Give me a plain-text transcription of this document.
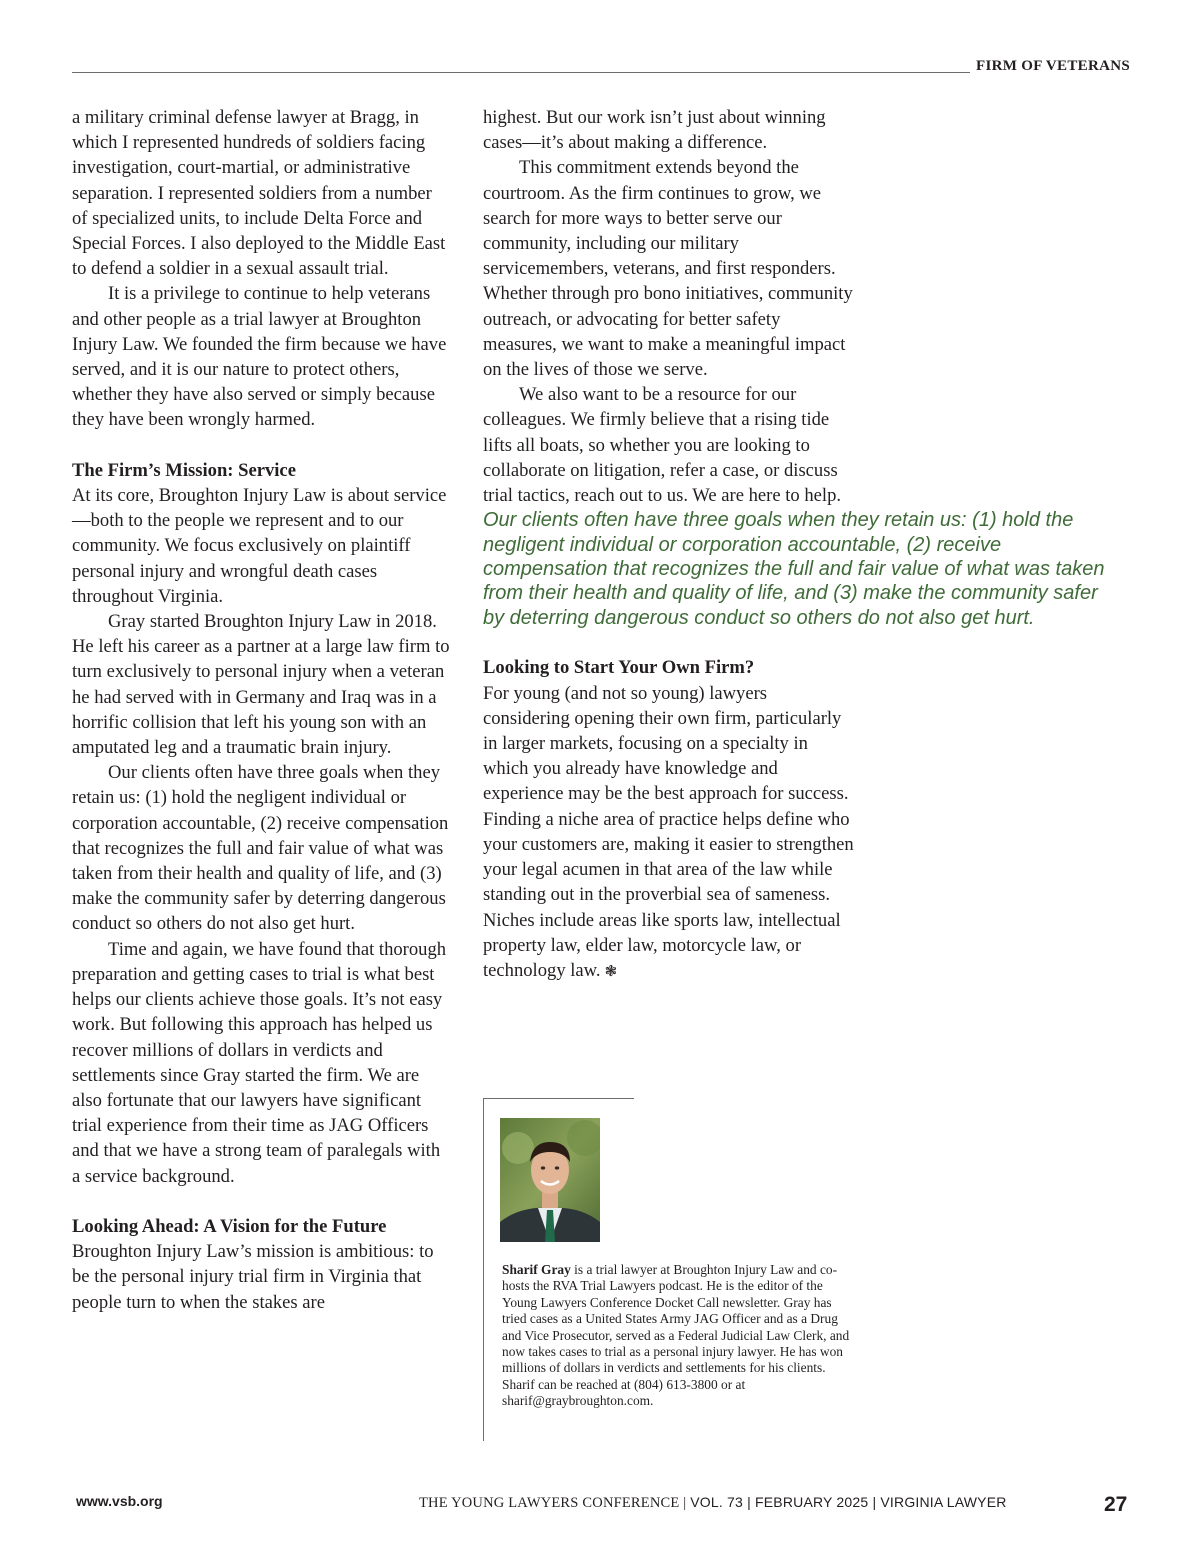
FIRM OF VETERANS

a military criminal defense lawyer at Bragg, in which I represented hundreds of soldiers facing investigation, court-martial, or administrative separation. I represented soldiers from a number of specialized units, to include Delta Force and Special Forces. I also deployed to the Middle East to defend a soldier in a sexual assault trial.

It is a privilege to continue to help veterans and other people as a trial lawyer at Broughton Injury Law. We founded the firm because we have served, and it is our nature to protect others, whether they have also served or simply because they have been wrongly harmed.

The Firm’s Mission: Service

At its core, Broughton Injury Law is about service—both to the people we represent and to our community. We focus exclusively on plaintiff personal injury and wrongful death cases throughout Virginia.

Gray started Broughton Injury Law in 2018. He left his career as a partner at a large law firm to turn exclusively to personal injury when a veteran he had served with in Germany and Iraq was in a horrific collision that left his young son with an amputated leg and a traumatic brain injury.

Our clients often have three goals when they retain us: (1) hold the negligent individual or corporation accountable, (2) receive compensation that recognizes the full and fair value of what was taken from their health and quality of life, and (3) make the community safer by deterring dangerous conduct so others do not also get hurt.

Time and again, we have found that thorough preparation and getting cases to trial is what best helps our clients achieve those goals. It’s not easy work. But following this approach has helped us recover millions of dollars in verdicts and settlements since Gray started the firm. We are also fortunate that our lawyers have significant trial experience from their time as JAG Officers and that we have a strong team of paralegals with a service background.

Looking Ahead: A Vision for the Future

Broughton Injury Law’s mission is ambitious: to be the personal injury trial firm in Virginia that people turn to when the stakes are

highest. But our work isn’t just about winning cases—it’s about making a difference.

This commitment extends beyond the courtroom. As the firm continues to grow, we search for more ways to better serve our community, including our military servicemembers, veterans, and first responders. Whether through pro bono initiatives, community outreach, or advocating for better safety measures, we want to make a meaningful impact on the lives of those we serve.

We also want to be a resource for our colleagues. We firmly believe that a rising tide lifts all boats, so whether you are looking to collaborate on litigation, refer a case, or discuss trial tactics, reach out to us. We are here to help.

Our clients often have three goals when they retain us: (1) hold the negligent individual or corporation accountable, (2) receive compensation that recognizes the full and fair value of what was taken from their health and quality of life, and (3) make the community safer by deterring dangerous conduct so others do not also get hurt.

Looking to Start Your Own Firm?

For young (and not so young) lawyers considering opening their own firm, particularly in larger markets, focusing on a specialty in which you already have knowledge and experience may be the best approach for success. Finding a niche area of practice helps define who your customers are, making it easier to strengthen your legal acumen in that area of the law while standing out in the proverbial sea of sameness. Niches include areas like sports law, intellectual property law, elder law, motorcycle law, or technology law. ❃

Sharif Gray is a trial lawyer at Broughton Injury Law and co-hosts the RVA Trial Lawyers podcast. He is the editor of the Young Lawyers Conference Docket Call newsletter. Gray has tried cases as a United States Army JAG Officer and as a Drug and Vice Prosecutor, served as a Federal Judicial Law Clerk, and now takes cases to trial as a personal injury lawyer. He has won millions of dollars in verdicts and settlements for his clients. Sharif can be reached at (804) 613-3800 or at sharif@graybroughton.com.
www.vsb.org	THE YOUNG LAWYERS CONFERENCE | VOL. 73 | FEBRUARY 2025 | VIRGINIA LAWYER	27
